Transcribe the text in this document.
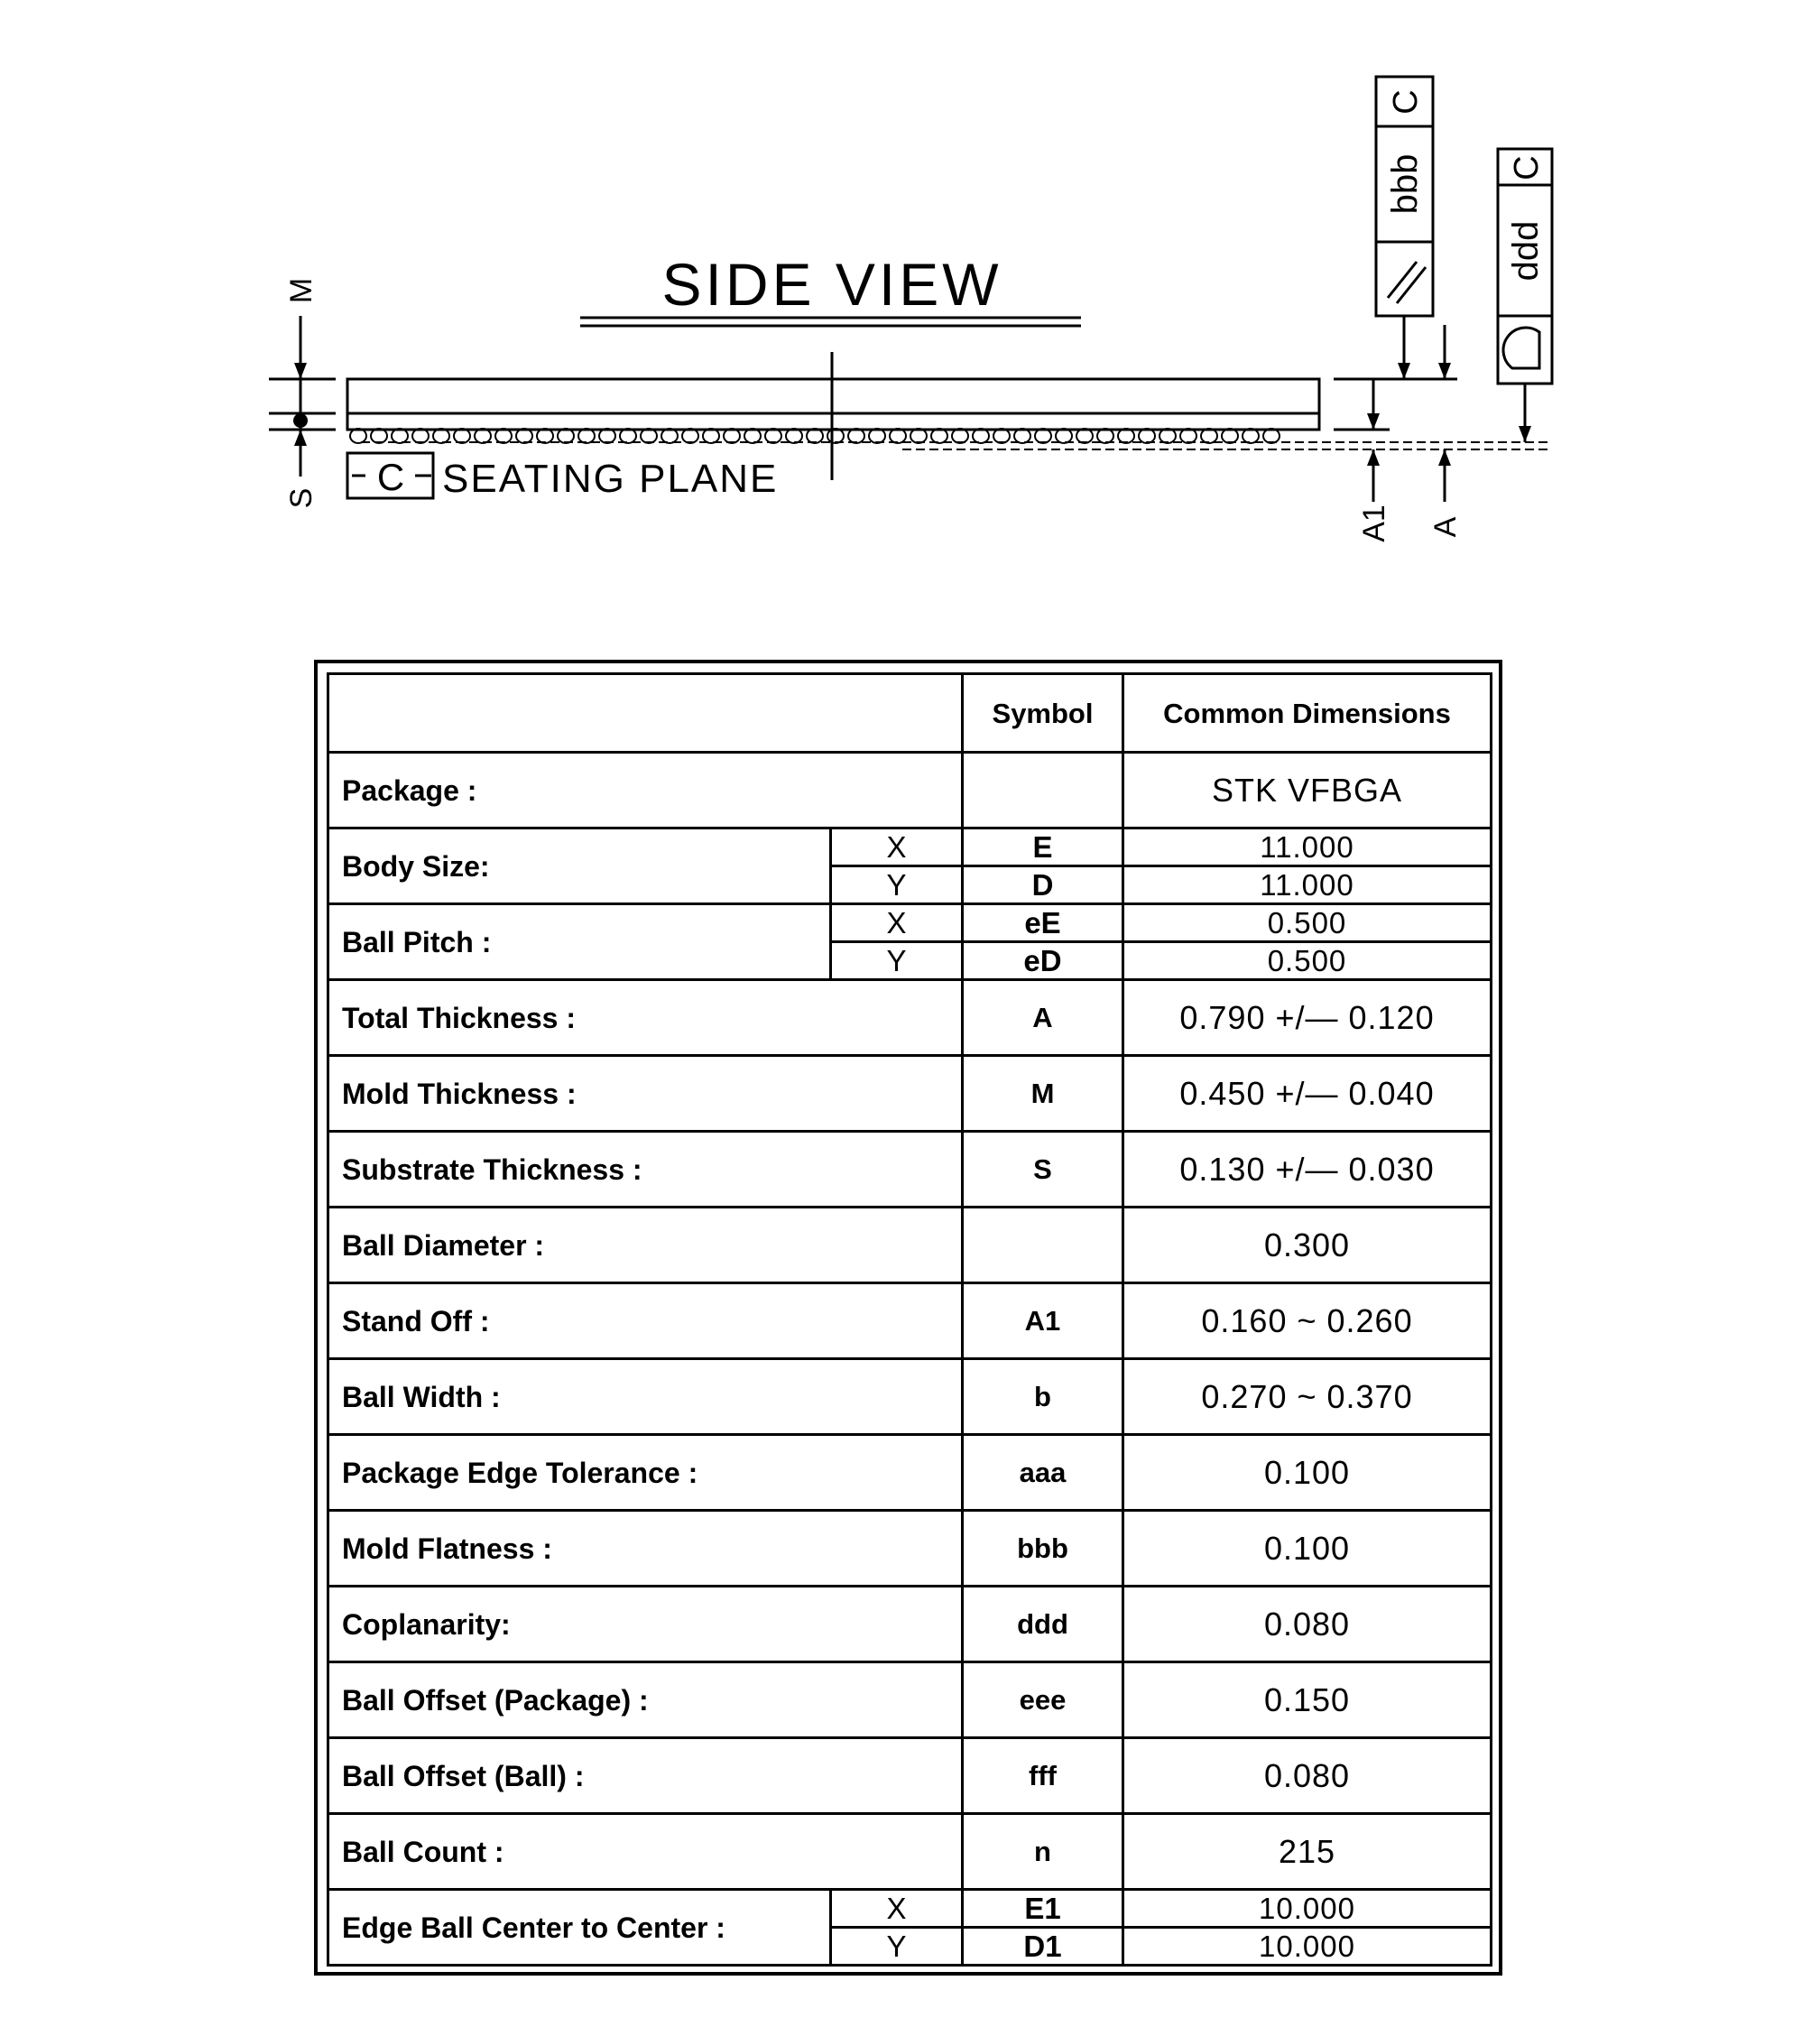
SIDE VIEW
C SEATING PLANE
M
S
A1 A
C
bbb C
ddd
		Symbol	Common Dimensions
Package :			STK VFBGA
Body Size:	X	E	11.000
	Y	D	11.000
Ball Pitch :	X	eE	0.500
	Y	eD	0.500
Total Thickness :		A	0.790 +/— 0.120
Mold Thickness :		M	0.450 +/— 0.040
Substrate Thickness :		S	0.130 +/— 0.030
Ball Diameter :			0.300
Stand Off :		A1	0.160 ~ 0.260
Ball Width :		b	0.270 ~ 0.370
Package Edge Tolerance :		aaa	0.100
Mold Flatness :		bbb	0.100
Coplanarity:		ddd	0.080
Ball Offset (Package) :		eee	0.150
Ball Offset (Ball) :		fff	0.080
Ball Count :		n	215
Edge Ball Center to Center :	X	E1	10.000
	Y	D1	10.000
